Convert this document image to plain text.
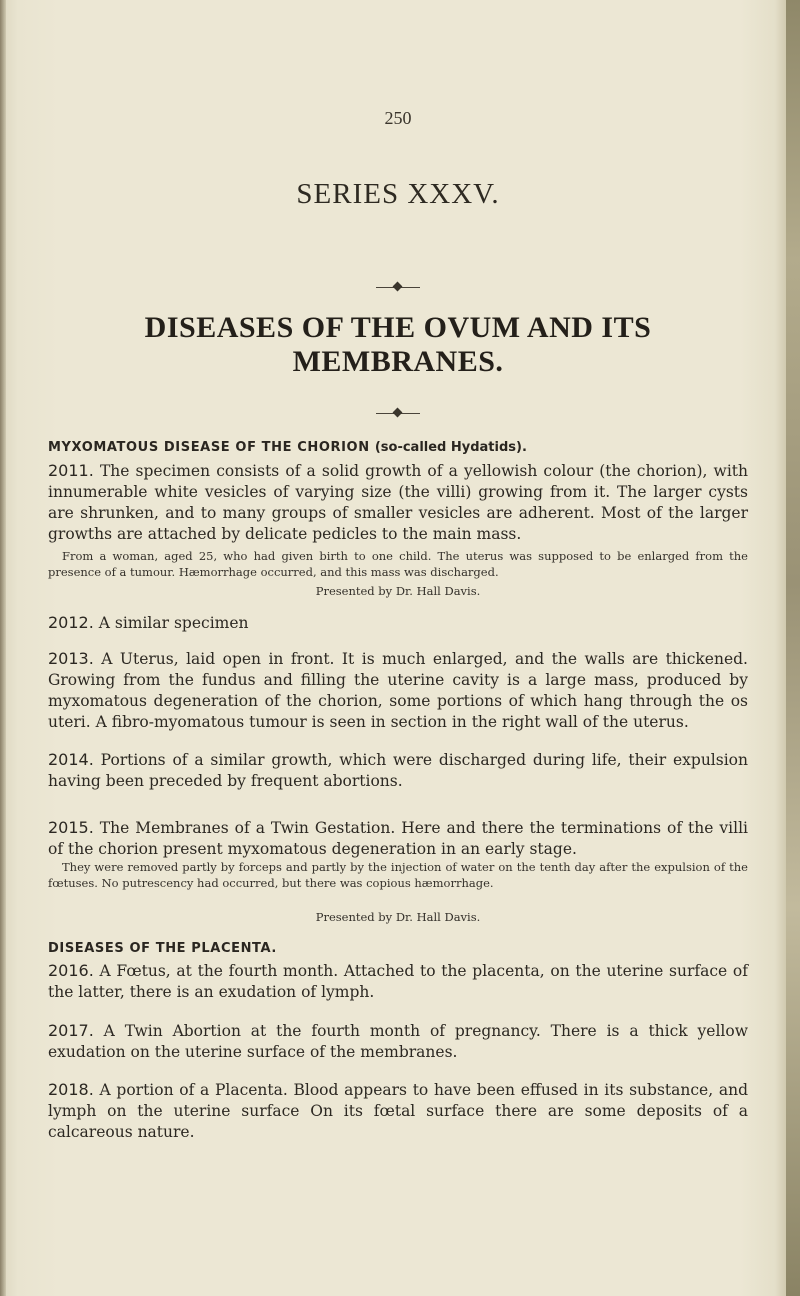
250
SERIES XXXV.
DISEASES OF THE OVUM AND ITS MEMBRANES.
MYXOMATOUS DISEASE OF THE CHORION (so-called Hydatids).
2011. The specimen consists of a solid growth of a yellowish colour (the chorion), with innumerable white vesicles of varying size (the villi) growing from it. The larger cysts are shrunken, and to many groups of smaller vesicles are adherent. Most of the larger growths are attached by delicate pedicles to the main mass.
From a woman, aged 25, who had given birth to one child. The uterus was supposed to be enlarged from the presence of a tumour. Hæmorrhage occurred, and this mass was discharged.
Presented by Dr. Hall Davis.
2012. A similar specimen
2013. A Uterus, laid open in front. It is much enlarged, and the walls are thickened. Growing from the fundus and filling the uterine cavity is a large mass, produced by myxomatous degeneration of the chorion, some portions of which hang through the os uteri. A fibro-myomatous tumour is seen in section in the right wall of the uterus.
2014. Portions of a similar growth, which were discharged during life, their expulsion having been preceded by frequent abortions.
2015. The Membranes of a Twin Gestation. Here and there the terminations of the villi of the chorion present myxomatous degeneration in an early stage.
They were removed partly by forceps and partly by the injection of water on the tenth day after the expulsion of the fœtuses. No putrescency had occurred, but there was copious hæmorrhage.
Presented by Dr. Hall Davis.
DISEASES OF THE PLACENTA.
2016. A Fœtus, at the fourth month. Attached to the placenta, on the uterine surface of the latter, there is an exudation of lymph.
2017. A Twin Abortion at the fourth month of pregnancy. There is a thick yellow exudation on the uterine surface of the membranes.
2018. A portion of a Placenta. Blood appears to have been effused in its substance, and lymph on the uterine surface On its fœtal surface there are some deposits of a calcareous nature.
